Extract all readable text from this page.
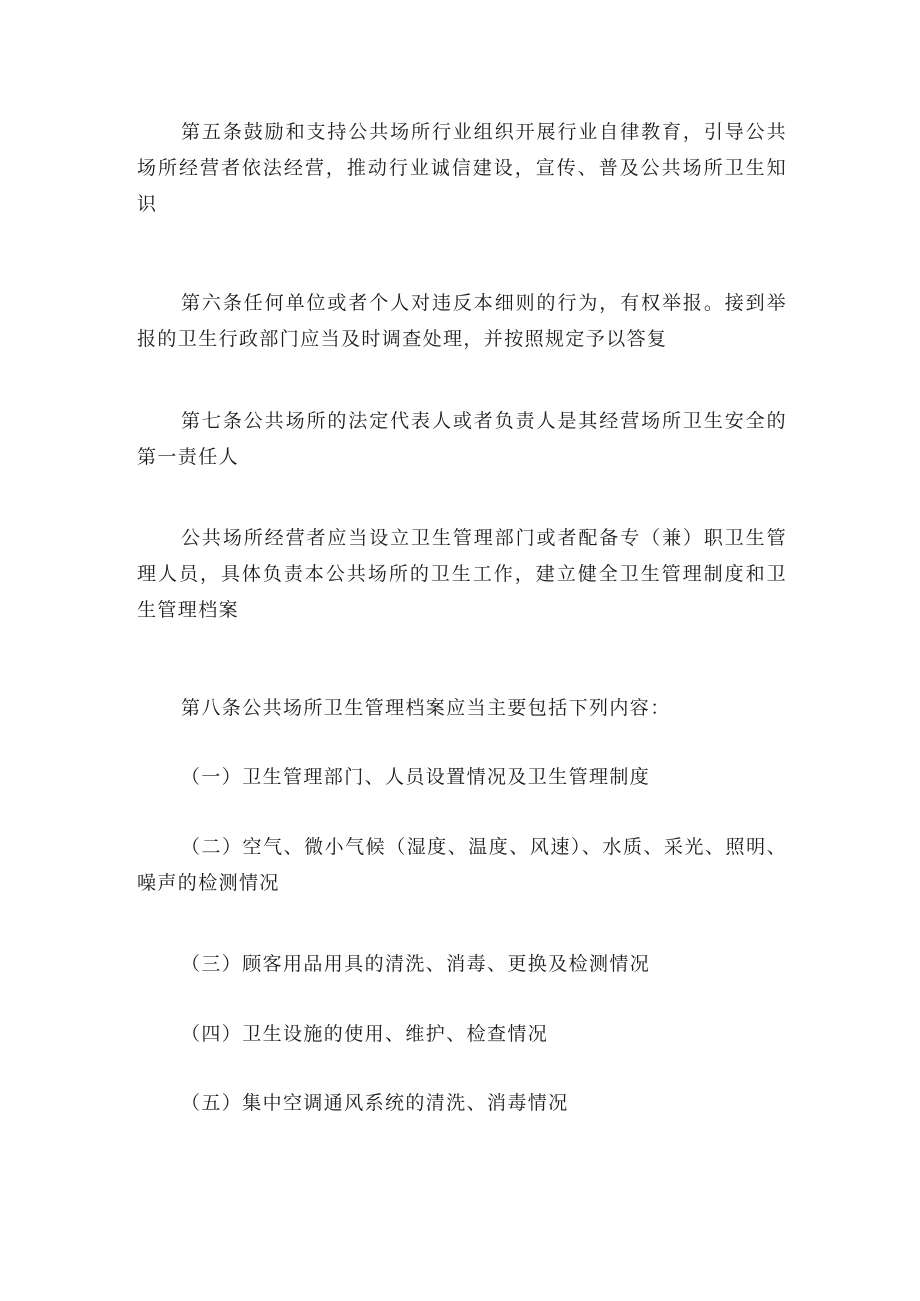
第五条鼓励和支持公共场所行业组织开展行业自律教育，引导公共场所经营者依法经营，推动行业诚信建设，宣传、普及公共场所卫生知识

第六条任何单位或者个人对违反本细则的行为，有权举报。接到举报的卫生行政部门应当及时调查处理，并按照规定予以答复

第七条公共场所的法定代表人或者负责人是其经营场所卫生安全的第一责任人

公共场所经营者应当设立卫生管理部门或者配备专（兼）职卫生管理人员，具体负责本公共场所的卫生工作，建立健全卫生管理制度和卫生管理档案

第八条公共场所卫生管理档案应当主要包括下列内容：

（一）卫生管理部门、人员设置情况及卫生管理制度

（二）空气、微小气候（湿度、温度、风速）、水质、采光、照明、噪声的检测情况

（三）顾客用品用具的清洗、消毒、更换及检测情况

（四）卫生设施的使用、维护、检查情况

（五）集中空调通风系统的清洗、消毒情况
